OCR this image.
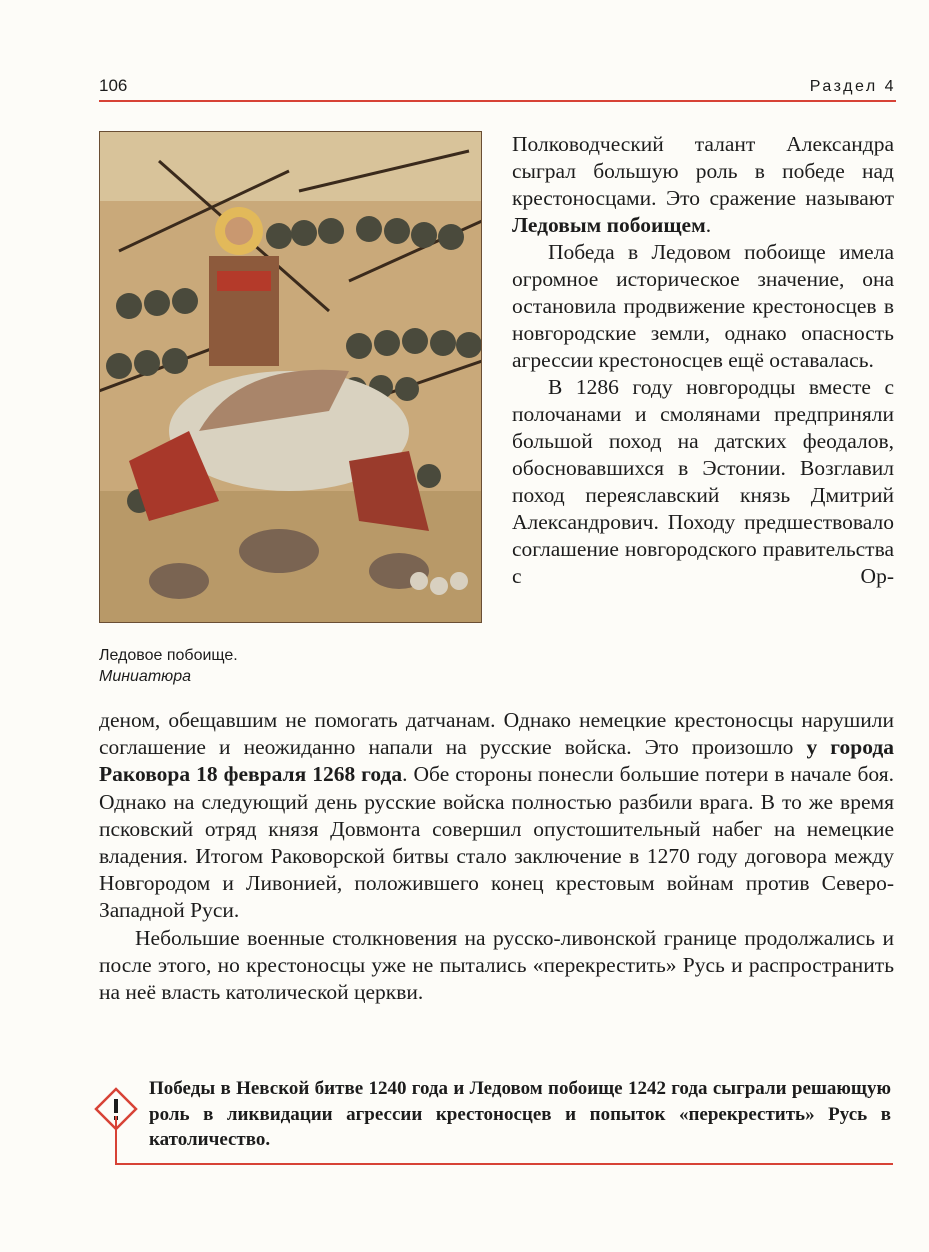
106	Раздел 4
Ледовое побоище.
Миниатюра

Полководческий талант Александра сыграл большую роль в победе над крестоносцами. Это сражение называют Ледовым побоищем.

Победа в Ледовом побоище имела огромное историческое значение, она остановила продвижение крестоносцев в новгородские земли, однако опасность агрессии крестоносцев ещё оставалась.

В 1286 году новгородцы вместе с полочанами и смолянами предприняли большой поход на датских феодалов, обосновавшихся в Эстонии. Возглавил поход переяславский князь Дмитрий Александрович. Походу предшествовало соглашение новгородского правительства с Ор-

деном, обещавшим не помогать датчанам. Однако немецкие крестоносцы нарушили соглашение и неожиданно напали на русские войска. Это произошло у города Раковора 18 февраля 1268 года. Обе стороны понесли большие потери в начале боя. Однако на следующий день русские войска полностью разбили врага. В то же время псковский отряд князя Довмонта совершил опустошительный набег на немецкие владения. Итогом Раковорской битвы стало заключение в 1270 году договора между Новгородом и Ливонией, положившего конец крестовым войнам против Северо-Западной Руси.

Небольшие военные столкновения на русско-ливонской границе продолжались и после этого, но крестоносцы уже не пытались «перекрестить» Русь и распространить на неё власть католической церкви.

Победы в Невской битве 1240 года и Ледовом побоище 1242 года сыграли решающую роль в ликвидации агрессии крестоносцев и попыток «перекрестить» Русь в католичество.
